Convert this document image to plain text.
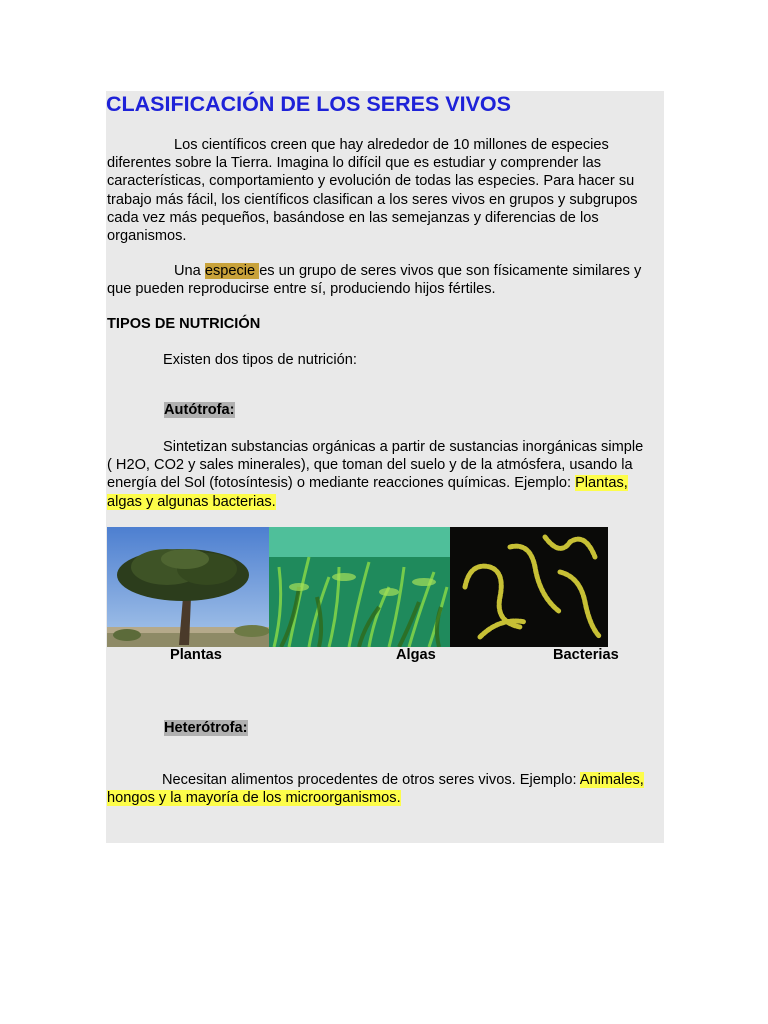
CLASIFICACIÓN DE LOS SERES VIVOS
Los científicos creen que hay alrededor de 10 millones de especies
diferentes sobre la Tierra. Imagina lo difícil que es estudiar y comprender las
características, comportamiento y evolución de todas las especies. Para hacer su
trabajo más fácil, los científicos clasifican a los seres vivos en grupos y subgrupos
cada vez más pequeños, basándose en las semejanzas y diferencias de los
organismos.
Una especie es un grupo de seres vivos que son físicamente similares y
que pueden reproducirse entre sí, produciendo hijos fértiles.
TIPOS DE NUTRICIÓN
Existen dos tipos de nutrición:
Autótrofa:
Sintetizan substancias orgánicas a partir de sustancias inorgánicas simple
( H2O, CO2 y sales minerales), que toman del suelo y de la atmósfera, usando la
energía del Sol (fotosíntesis) o mediante reacciones químicas. Ejemplo: Plantas,
algas y algunas bacterias.
Plantas	Algas	Bacterias
Heterótrofa:
Necesitan alimentos procedentes de otros seres vivos. Ejemplo: Animales,
hongos y la mayoría de los microorganismos.
